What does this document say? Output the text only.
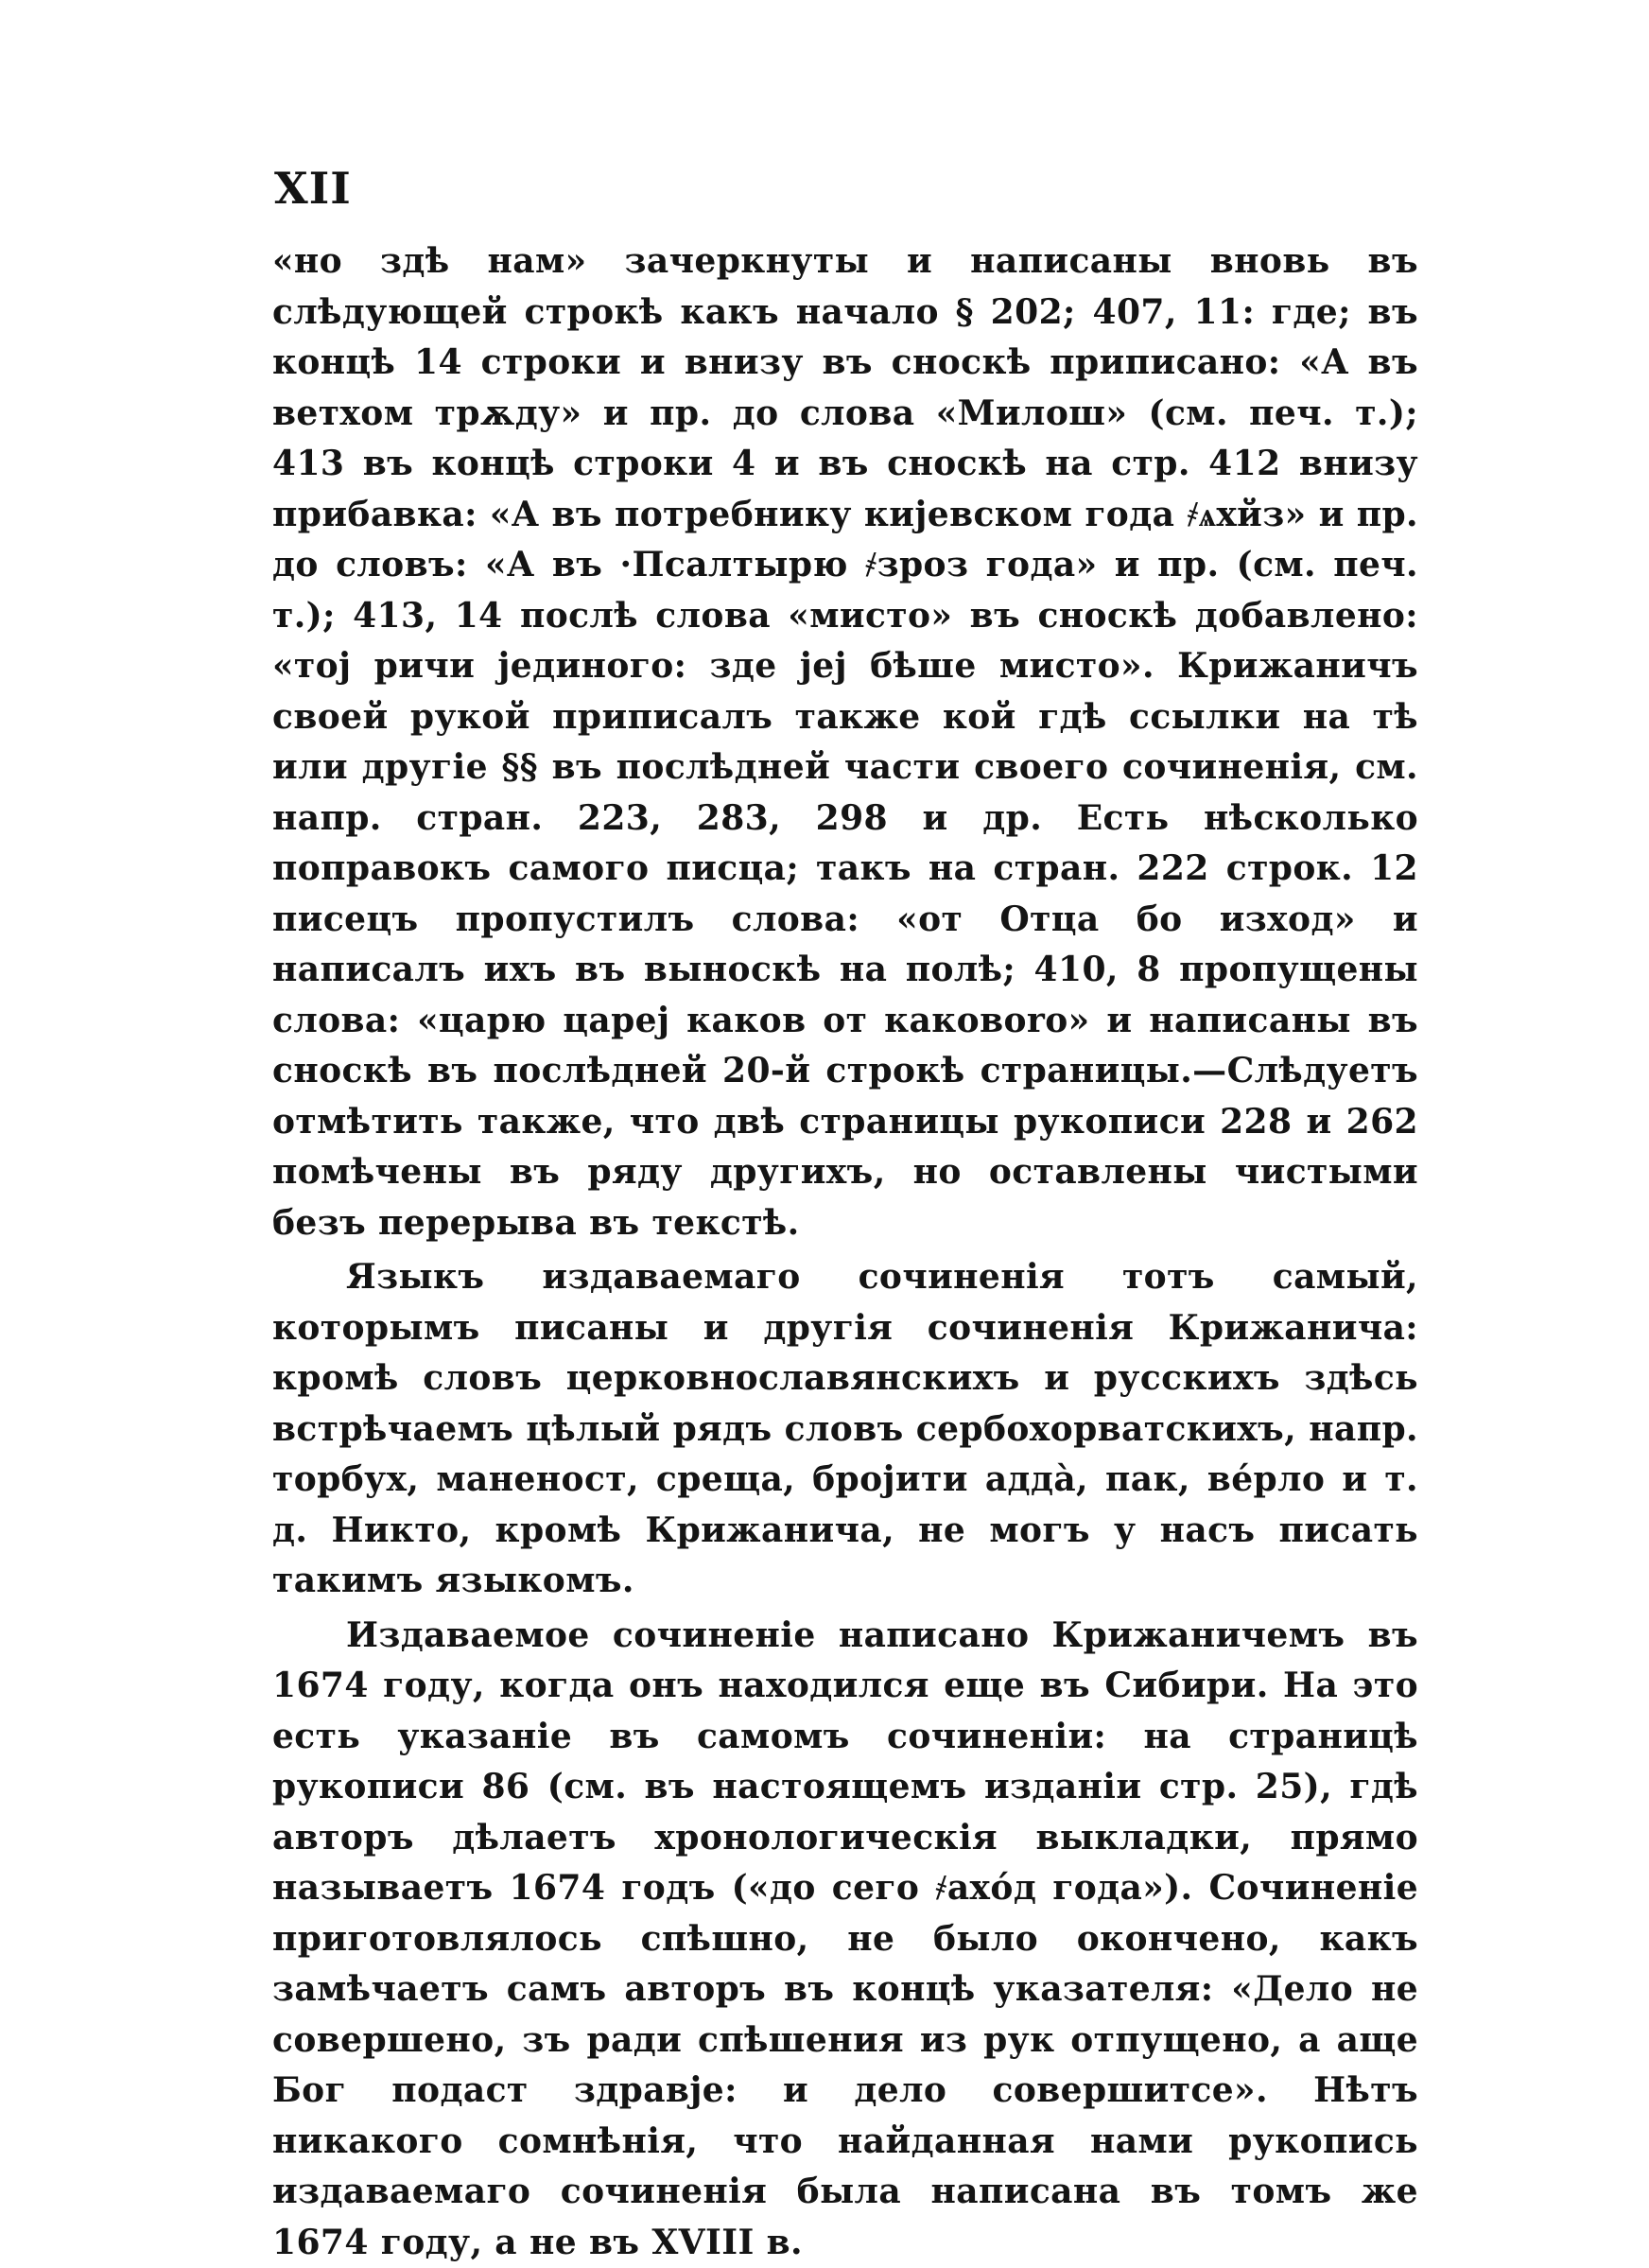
XII

«но здѣ нам» зачеркнуты и написаны вновь въ слѣдующей строкѣ какъ начало § 202; 407, 11: где; въ концѣ 14 строки и внизу въ сноскѣ приписано: «А въ ветхом трѫду» и пр. до слова «Милош» (см. печ. т.); 413 въ концѣ строки 4 и въ сноскѣ на стр. 412 внизу прибавка: «А въ потребнику кијевском года ҂ѧхйз» и пр. до словъ: «А въ ·Псалтырю ҂зроз года» и пр. (см. печ. т.); 413, 14 послѣ слова «мисто» въ сноскѣ добавлено: «тој ричи јединого: зде јеј бѣше мисто». Крижаничъ своей рукой приписалъ также кой гдѣ ссылки на тѣ или другіе §§ въ послѣдней части своего сочиненія, см. напр. стран. 223, 283, 298 и др. Есть нѣсколько поправокъ самого писца; такъ на стран. 222 строк. 12 писецъ пропустилъ слова: «от Отца бо изход» и написалъ ихъ въ выноскѣ на полѣ; 410, 8 пропущены слова: «царю цареј каков от каковоrо» и написаны въ сноскѣ въ послѣдней 20-й строкѣ страницы.—Слѣдуетъ отмѣтить также, что двѣ страницы рукописи 228 и 262 помѣчены въ ряду другихъ, но оставлены чистыми безъ перерыва въ текстѣ.

Языкъ издаваемаго сочиненія тотъ самый, которымъ писаны и другія сочиненія Крижанича: кромѣ словъ церковнославянскихъ и русскихъ здѣсь встрѣчаемъ цѣлый рядъ словъ сербохорватскихъ, напр. торбух, маненост, срещa, бројити аддà, пак, вéрло и т. д. Никто, кромѣ Крижанича, не могъ у насъ писать такимъ языкомъ.

Издаваемое сочиненіе написано Крижаничемъ въ 1674 году, когда онъ находился еще въ Сибири. На это есть указаніе въ самомъ сочиненіи: на страницѣ рукописи 86 (см. въ настоящемъ изданіи стр. 25), гдѣ авторъ дѣлаетъ хронологическія выкладки, прямо называетъ 1674 годъ («до сего ҂ахо́д года»). Сочиненіе приготовлялось спѣшно, не было окончено, какъ замѣчаетъ самъ авторъ въ концѣ указателя: «Дело не совершено, зъ ради спѣшения из рук отпущено, а аще Бог подаст здравје: и дело совершитсе». Нѣтъ никакого сомнѣнія, что найданная нами рукопись издаваемаго сочиненія была написана въ томъ же 1674 году, а не въ XVIII в.
